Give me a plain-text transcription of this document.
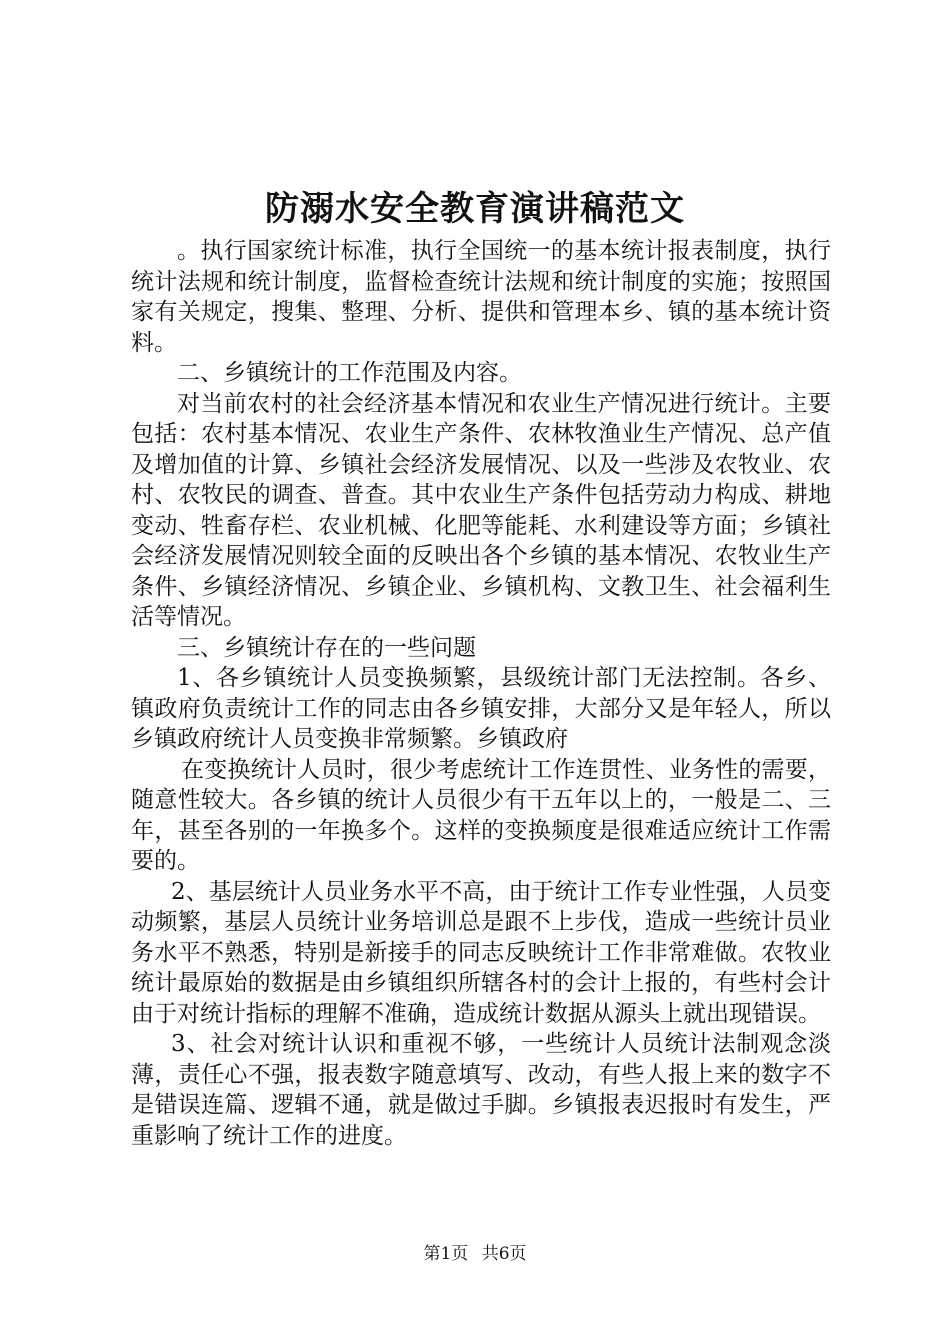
防溺水安全教育演讲稿范文

。执行国家统计标准，执行全国统一的基本统计报表制度，执行统计法规和统计制度，监督检查统计法规和统计制度的实施；按照国家有关规定，搜集、整理、分析、提供和管理本乡、镇的基本统计资料。

二、乡镇统计的工作范围及内容。

对当前农村的社会经济基本情况和农业生产情况进行统计。主要包括：农村基本情况、农业生产条件、农林牧渔业生产情况、总产值及增加值的计算、乡镇社会经济发展情况、以及一些涉及农牧业、农村、农牧民的调查、普查。其中农业生产条件包括劳动力构成、耕地变动、牲畜存栏、农业机械、化肥等能耗、水利建设等方面；乡镇社会经济发展情况则较全面的反映出各个乡镇的基本情况、农牧业生产条件、乡镇经济情况、乡镇企业、乡镇机构、文教卫生、社会福利生活等情况。

三、乡镇统计存在的一些问题

1、各乡镇统计人员变换频繁，县级统计部门无法控制。各乡、镇政府负责统计工作的同志由各乡镇安排，大部分又是年轻人，所以乡镇政府统计人员变换非常频繁。乡镇政府

在变换统计人员时，很少考虑统计工作连贯性、业务性的需要，随意性较大。各乡镇的统计人员很少有干五年以上的，一般是二、三年，甚至各别的一年换多个。这样的变换频度是很难适应统计工作需要的。

2、基层统计人员业务水平不高，由于统计工作专业性强，人员变动频繁，基层人员统计业务培训总是跟不上步伐，造成一些统计员业务水平不熟悉，特别是新接手的同志反映统计工作非常难做。农牧业统计最原始的数据是由乡镇组织所辖各村的会计上报的，有些村会计由于对统计指标的理解不准确，造成统计数据从源头上就出现错误。

3、社会对统计认识和重视不够，一些统计人员统计法制观念淡薄，责任心不强，报表数字随意填写、改动，有些人报上来的数字不是错误连篇、逻辑不通，就是做过手脚。乡镇报表迟报时有发生，严重影响了统计工作的进度。

第1页 共6页
